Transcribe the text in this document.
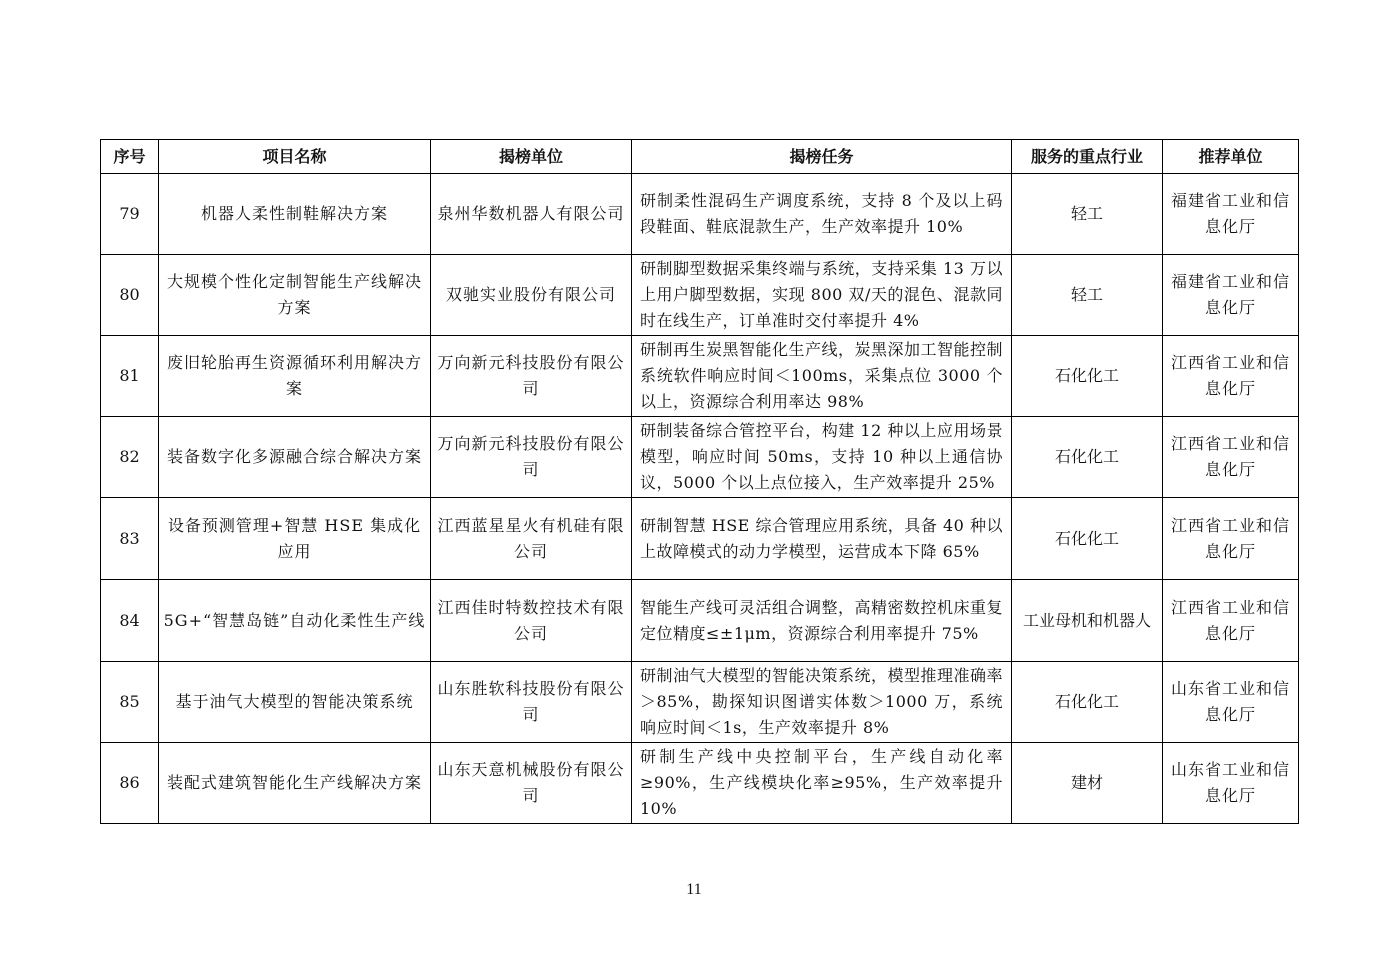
序号	项目名称	揭榜单位	揭榜任务	服务的重点行业	推荐单位
79	机器人柔性制鞋解决方案	泉州华数机器人有限公司	研制柔性混码生产调度系统，支持 8 个及以上码段鞋面、鞋底混款生产，生产效率提升 10%	轻工	福建省工业和信息化厅
80	大规模个性化定制智能生产线解决方案	双驰实业股份有限公司	研制脚型数据采集终端与系统，支持采集 13 万以上用户脚型数据，实现 800 双/天的混色、混款同时在线生产，订单准时交付率提升 4%	轻工	福建省工业和信息化厅
81	废旧轮胎再生资源循环利用解决方案	万向新元科技股份有限公司	研制再生炭黑智能化生产线，炭黑深加工智能控制系统软件响应时间＜100ms，采集点位 3000 个以上，资源综合利用率达 98%	石化化工	江西省工业和信息化厅
82	装备数字化多源融合综合解决方案	万向新元科技股份有限公司	研制装备综合管控平台，构建 12 种以上应用场景模型，响应时间 50ms，支持 10 种以上通信协议，5000 个以上点位接入，生产效率提升 25%	石化化工	江西省工业和信息化厅
83	设备预测管理+智慧 HSE 集成化应用	江西蓝星星火有机硅有限公司	研制智慧 HSE 综合管理应用系统，具备 40 种以上故障模式的动力学模型，运营成本下降 65%	石化化工	江西省工业和信息化厅
84	5G+“智慧岛链”自动化柔性生产线	江西佳时特数控技术有限公司	智能生产线可灵活组合调整，高精密数控机床重复定位精度≤±1μm，资源综合利用率提升 75%	工业母机和机器人	江西省工业和信息化厅
85	基于油气大模型的智能决策系统	山东胜软科技股份有限公司	研制油气大模型的智能决策系统，模型推理准确率＞85%，勘探知识图谱实体数＞1000 万，系统响应时间＜1s，生产效率提升 8%	石化化工	山东省工业和信息化厅
86	装配式建筑智能化生产线解决方案	山东天意机械股份有限公司	研制生产线中央控制平台，生产线自动化率≥90%，生产线模块化率≥95%，生产效率提升 10%	建材	山东省工业和信息化厅
11
